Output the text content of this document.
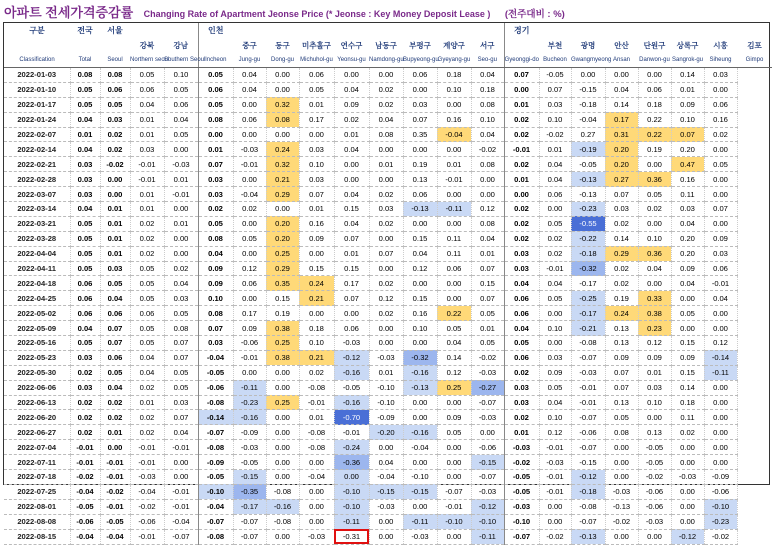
아파트 전세가격증감률 Changing Rate of Apartment Jeonse Price (* Jeonse : Key Money Deposit Lease ) (전주대비 : %)
구분	전국	서울			인천									경기							
			강북	강남		중구	동구	미추홀구	연수구	남동구	부평구	계양구	서구		부천	광명	안산	단원구	상록구	시흥	김포
Classification	Total	Seoul	Northern seoul	Southern Seoul	Incheon	Jung-gu	Dong-gu	Michuhol-gu	Yeonsu-gu	Namdong-gu	Bupyeong-gu	Gyeyang-gu	Seo-gu	Gyeonggi-do	Bucheon	Gwangmyeong	Ansan	Danwon-gu	Sangrok-gu	Siheung	Gimpo
2022-01-03	0.08	0.08	0.05	0.10	0.05	0.04	0.00	0.06	0.00	0.00	0.06	0.18	0.04	0.07	-0.05	0.00	0.00	0.00	0.14	0.03	
2022-01-10	0.05	0.06	0.06	0.05	0.06	0.04	0.00	0.05	0.04	0.02	0.00	0.10	0.18	0.00	0.07	-0.15	0.04	0.06	0.01	0.00	
2022-01-17	0.05	0.05	0.04	0.06	0.05	0.00	0.32	0.01	0.09	0.02	0.03	0.00	0.08	0.01	0.03	-0.18	0.14	0.18	0.09	0.06	
2022-01-24	0.04	0.03	0.01	0.04	0.08	0.06	0.08	0.17	0.02	0.04	0.07	0.16	0.10	0.02	0.10	-0.04	0.17	0.22	0.10	0.16	
2022-02-07	0.01	0.02	0.01	0.05	0.00	0.00	0.00	0.00	0.01	0.08	0.35	-0.04	0.04	0.02	-0.02	0.27	0.31	0.22	0.07	0.02	
2022-02-14	0.04	0.02	0.03	0.00	0.01	-0.03	0.24	0.03	0.04	0.00	0.00	0.00	-0.02	-0.01	0.01	-0.19	0.20	0.19	0.20	0.00	
2022-02-21	0.03	-0.02	-0.01	-0.03	0.07	-0.01	0.32	0.10	0.00	0.01	0.19	0.01	0.08	0.02	0.04	-0.05	0.20	0.00	0.47	0.05	
2022-02-28	0.03	0.00	-0.01	0.01	0.03	0.00	0.21	0.03	0.00	0.00	0.13	-0.01	0.00	0.01	0.04	-0.13	0.27	0.36	0.16	0.00	
2022-03-07	0.03	0.00	0.01	-0.01	0.03	-0.04	0.29	0.07	0.04	0.02	0.06	0.00	0.00	0.00	0.06	-0.13	0.07	0.05	0.11	0.00	
2022-03-14	0.04	0.01	0.01	0.00	0.02	0.02	0.00	0.01	0.15	0.03	-0.13	-0.11	0.12	0.02	0.00	-0.23	0.03	0.02	0.03	0.07	
2022-03-21	0.05	0.01	0.02	0.01	0.05	0.00	0.20	0.16	0.04	0.02	0.00	0.00	0.08	0.02	0.05	-0.55	0.02	0.00	0.04	0.00	
2022-03-28	0.05	0.01	0.02	0.00	0.08	0.05	0.20	0.09	0.07	0.00	0.15	0.11	0.04	0.02	0.02	-0.22	0.14	0.10	0.20	0.09	
2022-04-04	0.05	0.01	0.02	0.00	0.04	0.00	0.25	0.00	0.01	0.07	0.04	0.11	0.01	0.03	0.02	-0.18	0.29	0.36	0.20	0.03	
2022-04-11	0.05	0.03	0.05	0.02	0.09	0.12	0.29	0.15	0.15	0.00	0.12	0.06	0.07	0.03	-0.01	-0.32	0.02	0.04	0.09	0.06	
2022-04-18	0.06	0.05	0.05	0.04	0.09	0.06	0.35	0.24	0.17	0.02	0.00	0.00	0.15	0.04	0.04	-0.17	0.02	0.00	0.04	-0.01	
2022-04-25	0.06	0.04	0.05	0.03	0.10	0.00	0.15	0.21	0.07	0.12	0.15	0.00	0.07	0.06	0.05	-0.25	0.19	0.33	0.00	0.04	
2022-05-02	0.06	0.06	0.06	0.05	0.08	0.17	0.19	0.00	0.00	0.02	0.16	0.22	0.05	0.06	0.00	-0.17	0.24	0.38	0.05	0.00	
2022-05-09	0.04	0.07	0.05	0.08	0.07	0.09	0.38	0.18	0.06	0.00	0.10	0.05	0.01	0.04	0.10	-0.21	0.13	0.23	0.00	0.00	
2022-05-16	0.05	0.07	0.05	0.07	0.03	-0.06	0.25	0.10	-0.03	0.00	0.00	0.04	0.05	0.05	0.00	-0.08	0.13	0.12	0.15	0.12	
2022-05-23	0.03	0.06	0.04	0.07	-0.04	-0.01	0.38	0.21	-0.12	-0.03	-0.32	0.14	-0.02	0.06	0.03	-0.07	0.09	0.09	0.09	-0.14	
2022-05-30	0.02	0.05	0.04	0.05	-0.05	0.00	0.00	0.02	-0.16	0.01	-0.16	0.12	-0.03	0.02	0.09	-0.03	0.07	0.01	0.15	-0.11	
2022-06-06	0.03	0.04	0.02	0.05	-0.06	-0.11	0.00	-0.08	-0.05	-0.10	-0.13	0.25	-0.27	0.03	0.05	-0.01	0.07	0.03	0.14	0.00	
2022-06-13	0.02	0.02	0.01	0.03	-0.08	-0.23	0.25	-0.01	-0.16	-0.10	0.00	0.00	-0.07	0.03	0.04	-0.01	0.13	0.10	0.18	0.00	
2022-06-20	0.02	0.02	0.02	0.07	-0.14	-0.16	0.00	0.01	-0.70	-0.09	0.00	0.09	-0.03	0.02	0.10	-0.07	0.05	0.00	0.11	0.00	
2022-06-27	0.02	0.01	0.02	0.04	-0.07	-0.09	0.00	-0.08	-0.01	-0.20	-0.16	0.05	0.00	0.01	0.12	-0.06	0.08	0.13	0.02	0.00	
2022-07-04	-0.01	0.00	-0.01	-0.01	-0.08	-0.03	0.00	-0.08	-0.24	0.00	-0.04	0.00	-0.06	-0.03	-0.01	-0.07	0.00	-0.05	0.00	0.00	
2022-07-11	-0.01	-0.01	-0.01	0.00	-0.09	-0.05	0.00	0.00	-0.36	0.04	0.00	0.00	-0.15	-0.02	-0.03	-0.15	0.00	-0.05	0.00	0.00	
2022-07-18	-0.02	-0.01	-0.03	0.00	-0.05	-0.15	0.00	-0.04	0.00	-0.04	-0.10	0.00	-0.07	-0.05	-0.01	-0.12	0.00	-0.02	-0.03	-0.09	
2022-07-25	-0.04	-0.02	-0.04	-0.01	-0.10	-0.35	-0.08	0.00	-0.10	-0.15	-0.15	-0.07	-0.03	-0.05	-0.01	-0.18	-0.03	-0.06	0.00	-0.06	
2022-08-01	-0.05	-0.01	-0.02	-0.01	-0.04	-0.17	-0.16	0.00	-0.10	-0.03	0.00	-0.01	-0.12	-0.03	0.00	-0.08	-0.13	-0.06	0.00	-0.10	
2022-08-08	-0.06	-0.05	-0.06	-0.04	-0.07	-0.07	-0.08	0.00	-0.11	0.00	-0.11	-0.10	-0.10	-0.10	0.00	-0.07	-0.02	-0.03	0.00	-0.23	
2022-08-15	-0.04	-0.04	-0.01	-0.07	-0.08	-0.07	0.00	-0.03	-0.31	0.00	-0.03	0.00	-0.11	-0.07	-0.02	-0.13	0.00	0.00	-0.12	-0.02	
